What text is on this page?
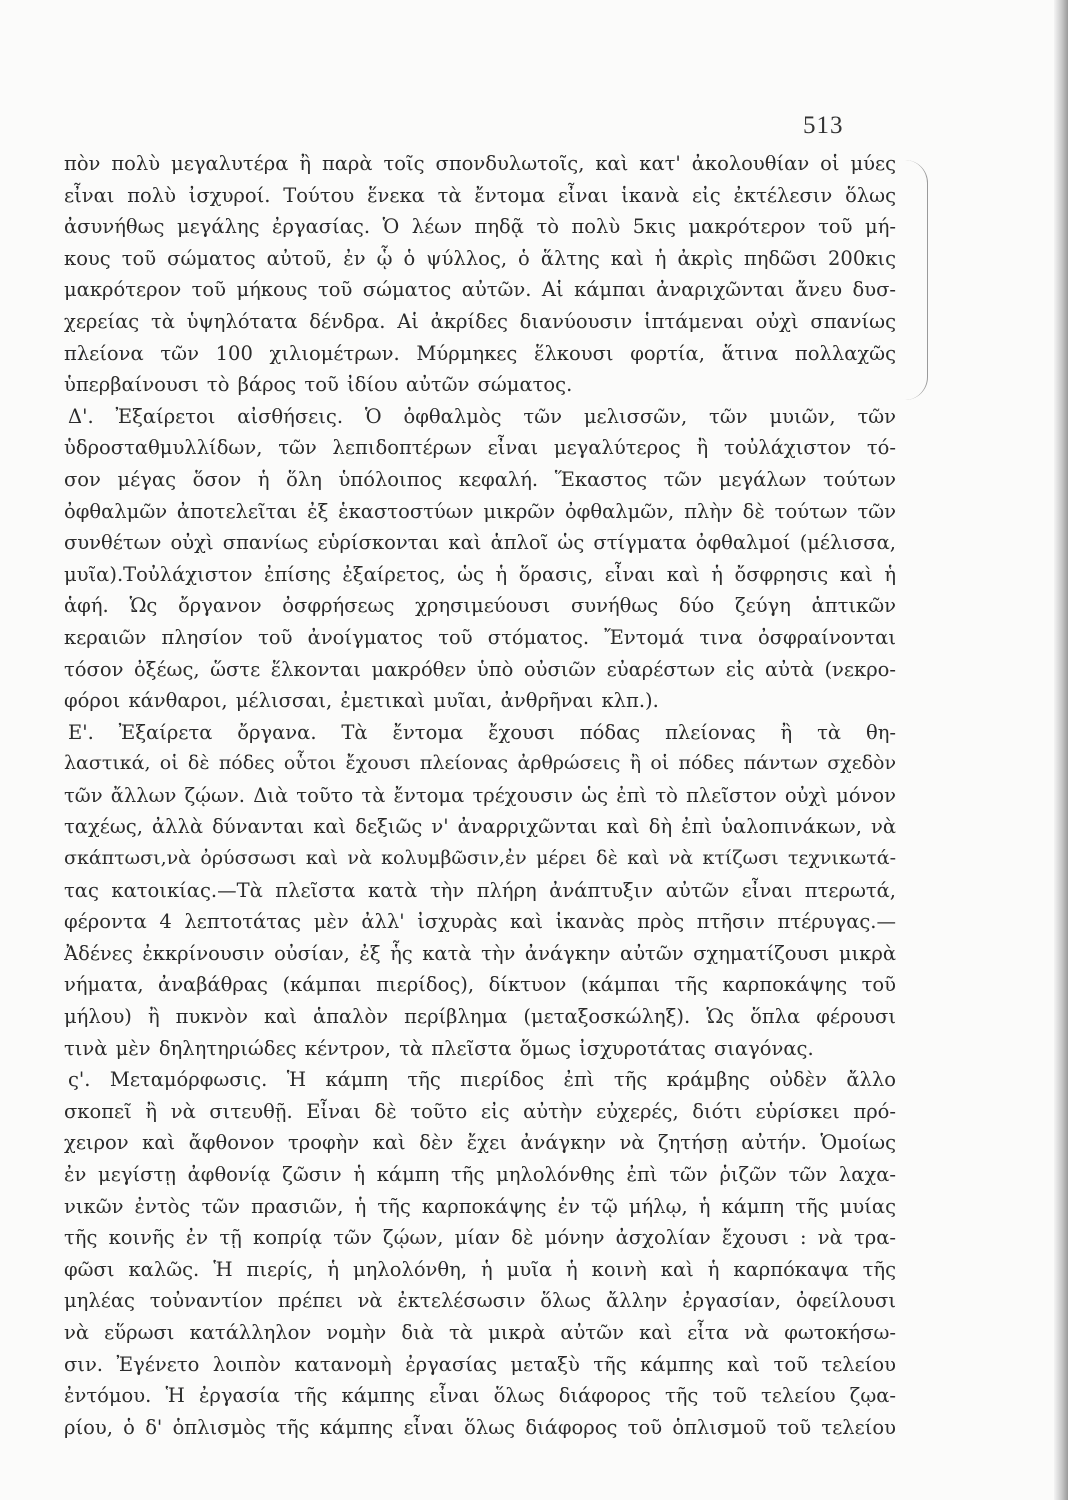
513
πὸν πολὺ μεγαλυτέρα ἢ παρὰ τοῖς σπονδυλωτοῖς, καὶ κατ' ἀκολουθίαν οἱ μύες
εἶναι πολὺ ἰσχυροί. Τούτου ἕνεκα τὰ ἔντομα εἶναι ἱκανὰ εἰς ἐκτέλεσιν ὅλως
ἀσυνήθως μεγάλης ἐργασίας. Ὁ λέων πηδᾷ τὸ πολὺ 5κις μακρότερον τοῦ μή-
κους τοῦ σώματος αὐτοῦ, ἐν ᾧ ὁ ψύλλος, ὁ ἅλτης καὶ ἡ ἀκρὶς πηδῶσι 200κις
μακρότερον τοῦ μήκους τοῦ σώματος αὐτῶν. Αἱ κάμπαι ἀναριχῶνται ἄνευ δυσ-
χερείας τὰ ὑψηλότατα δένδρα. Αἱ ἀκρίδες διανύουσιν ἱπτάμεναι οὐχὶ σπανίως
πλείονα τῶν 100 χιλιομέτρων. Μύρμηκες ἕλκουσι φορτία, ἅτινα πολλαχῶς
ὑπερβαίνουσι τὸ βάρος τοῦ ἰδίου αὐτῶν σώματος.
Δ'. Ἐξαίρετοι αἰσθήσεις. Ὁ ὀφθαλμὸς τῶν μελισσῶν, τῶν μυιῶν, τῶν
ὑδροσταθμυλλίδων, τῶν λεπιδοπτέρων εἶναι μεγαλύτερος ἢ τοὐλάχιστον τό-
σον μέγας ὅσον ἡ ὅλη ὑπόλοιπος κεφαλή. Ἕκαστος τῶν μεγάλων τούτων
ὀφθαλμῶν ἀποτελεῖται ἐξ ἑκαστοστύων μικρῶν ὀφθαλμῶν, πλὴν δὲ τούτων τῶν
συνθέτων οὐχὶ σπανίως εὑρίσκονται καὶ ἁπλοῖ ὡς στίγματα ὀφθαλμοί (μέλισσα,
μυῖα).Τοὐλάχιστον ἐπίσης ἐξαίρετος, ὡς ἡ ὅρασις, εἶναι καὶ ἡ ὄσφρησις καὶ ἡ
ἁφή. Ὡς ὄργανον ὀσφρήσεως χρησιμεύουσι συνήθως δύο ζεύγη ἁπτικῶν
κεραιῶν πλησίον τοῦ ἀνοίγματος τοῦ στόματος. Ἔντομά τινα ὀσφραίνονται
τόσον ὀξέως, ὥστε ἕλκονται μακρόθεν ὑπὸ οὐσιῶν εὐαρέστων εἰς αὐτὰ (νεκρο-
φόροι κάνθαροι, μέλισσαι, ἐμετικαὶ μυῖαι, ἀνθρῆναι κλπ.).
Ε'. Ἐξαίρετα ὄργανα. Τὰ ἔντομα ἔχουσι πόδας πλείονας ἢ τὰ θη-
λαστικά, οἱ δὲ πόδες οὗτοι ἔχουσι πλείονας ἀρθρώσεις ἢ οἱ πόδες πάντων σχεδὸν
τῶν ἄλλων ζῴων. Διὰ τοῦτο τὰ ἔντομα τρέχουσιν ὡς ἐπὶ τὸ πλεῖστον οὐχὶ μόνον
ταχέως, ἀλλὰ δύνανται καὶ δεξιῶς ν' ἀναρριχῶνται καὶ δὴ ἐπὶ ὑαλοπινάκων, νὰ
σκάπτωσι,νὰ ὀρύσσωσι καὶ νὰ κολυμβῶσιν,ἐν μέρει δὲ καὶ νὰ κτίζωσι τεχνικωτά-
τας κατοικίας.—Τὰ πλεῖστα κατὰ τὴν πλήρη ἀνάπτυξιν αὐτῶν εἶναι πτερωτά,
φέροντα 4 λεπτοτάτας μὲν ἀλλ' ἰσχυρὰς καὶ ἱκανὰς πρὸς πτῆσιν πτέρυγας.—
Ἀδένες ἐκκρίνουσιν οὐσίαν, ἐξ ἧς κατὰ τὴν ἀνάγκην αὐτῶν σχηματίζουσι μικρὰ
νήματα, ἀναβάθρας (κάμπαι πιερίδος), δίκτυον (κάμπαι τῆς καρποκάψης τοῦ
μήλου) ἢ πυκνὸν καὶ ἁπαλὸν περίβλημα (μεταξοσκώληξ). Ὡς ὅπλα φέρουσι
τινὰ μὲν δηλητηριώδες κέντρον, τὰ πλεῖστα ὅμως ἰσχυροτάτας σιαγόνας.
ς'. Μεταμόρφωσις. Ἡ κάμπη τῆς πιερίδος ἐπὶ τῆς κράμβης οὐδὲν ἄλλο
σκοπεῖ ἢ νὰ σιτευθῇ. Εἶναι δὲ τοῦτο εἰς αὐτὴν εὐχερές, διότι εὑρίσκει πρό-
χειρον καὶ ἄφθονον τροφὴν καὶ δὲν ἔχει ἀνάγκην νὰ ζητήσῃ αὐτήν. Ὁμοίως
ἐν μεγίστῃ ἀφθονίᾳ ζῶσιν ἡ κάμπη τῆς μηλολόνθης ἐπὶ τῶν ῥιζῶν τῶν λαχα-
νικῶν ἐντὸς τῶν πρασιῶν, ἡ τῆς καρποκάψης ἐν τῷ μήλῳ, ἡ κάμπη τῆς μυίας
τῆς κοινῆς ἐν τῇ κοπρίᾳ τῶν ζῴων, μίαν δὲ μόνην ἀσχολίαν ἔχουσι : νὰ τρα-
φῶσι καλῶς. Ἡ πιερίς, ἡ μηλολόνθη, ἡ μυῖα ἡ κοινὴ καὶ ἡ καρπόκαψα τῆς
μηλέας τοὐναντίον πρέπει νὰ ἐκτελέσωσιν ὅλως ἄλλην ἐργασίαν, ὀφείλουσι
νὰ εὕρωσι κατάλληλον νομὴν διὰ τὰ μικρὰ αὐτῶν καὶ εἶτα νὰ φωτοκήσω-
σιν. Ἐγένετο λοιπὸν κατανομὴ ἐργασίας μεταξὺ τῆς κάμπης καὶ τοῦ τελείου
ἐντόμου. Ἡ ἐργασία τῆς κάμπης εἶναι ὅλως διάφορος τῆς τοῦ τελείου ζῳα-
ρίου, ὁ δ' ὁπλισμὸς τῆς κάμπης εἶναι ὅλως διάφορος τοῦ ὁπλισμοῦ τοῦ τελείου
